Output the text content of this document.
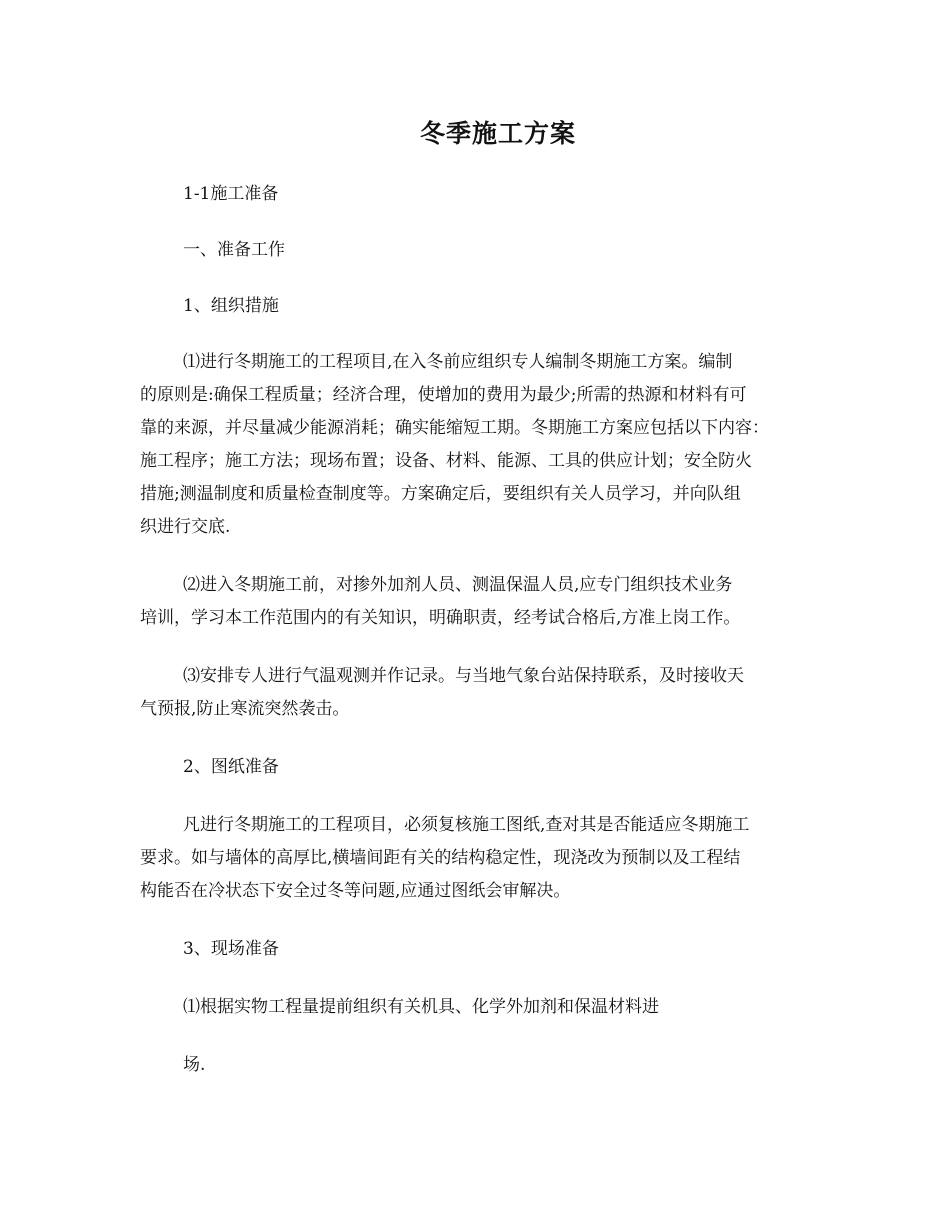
冬季施工方案

1-1施工准备

一、准备工作

1、组织措施

⑴进行冬期施工的工程项目,在入冬前应组织专人编制冬期施工方案。编制

的原则是:确保工程质量；经济合理，使增加的费用为最少;所需的热源和材料有可

靠的来源，并尽量减少能源消耗；确实能缩短工期。冬期施工方案应包括以下内容：

施工程序；施工方法；现场布置；设备、材料、能源、工具的供应计划；安全防火

措施;测温制度和质量检查制度等。方案确定后，要组织有关人员学习，并向队组

织进行交底.

⑵进入冬期施工前，对掺外加剂人员、测温保温人员,应专门组织技术业务

培训，学习本工作范围内的有关知识，明确职责，经考试合格后,方准上岗工作。

⑶安排专人进行气温观测并作记录。与当地气象台站保持联系，及时接收天

气预报,防止寒流突然袭击。

2、图纸准备

凡进行冬期施工的工程项目，必须复核施工图纸,查对其是否能适应冬期施工

要求。如与墙体的高厚比,横墙间距有关的结构稳定性，现浇改为预制以及工程结

构能否在冷状态下安全过冬等问题,应通过图纸会审解决。

3、现场准备

⑴根据实物工程量提前组织有关机具、化学外加剂和保温材料进

场.
